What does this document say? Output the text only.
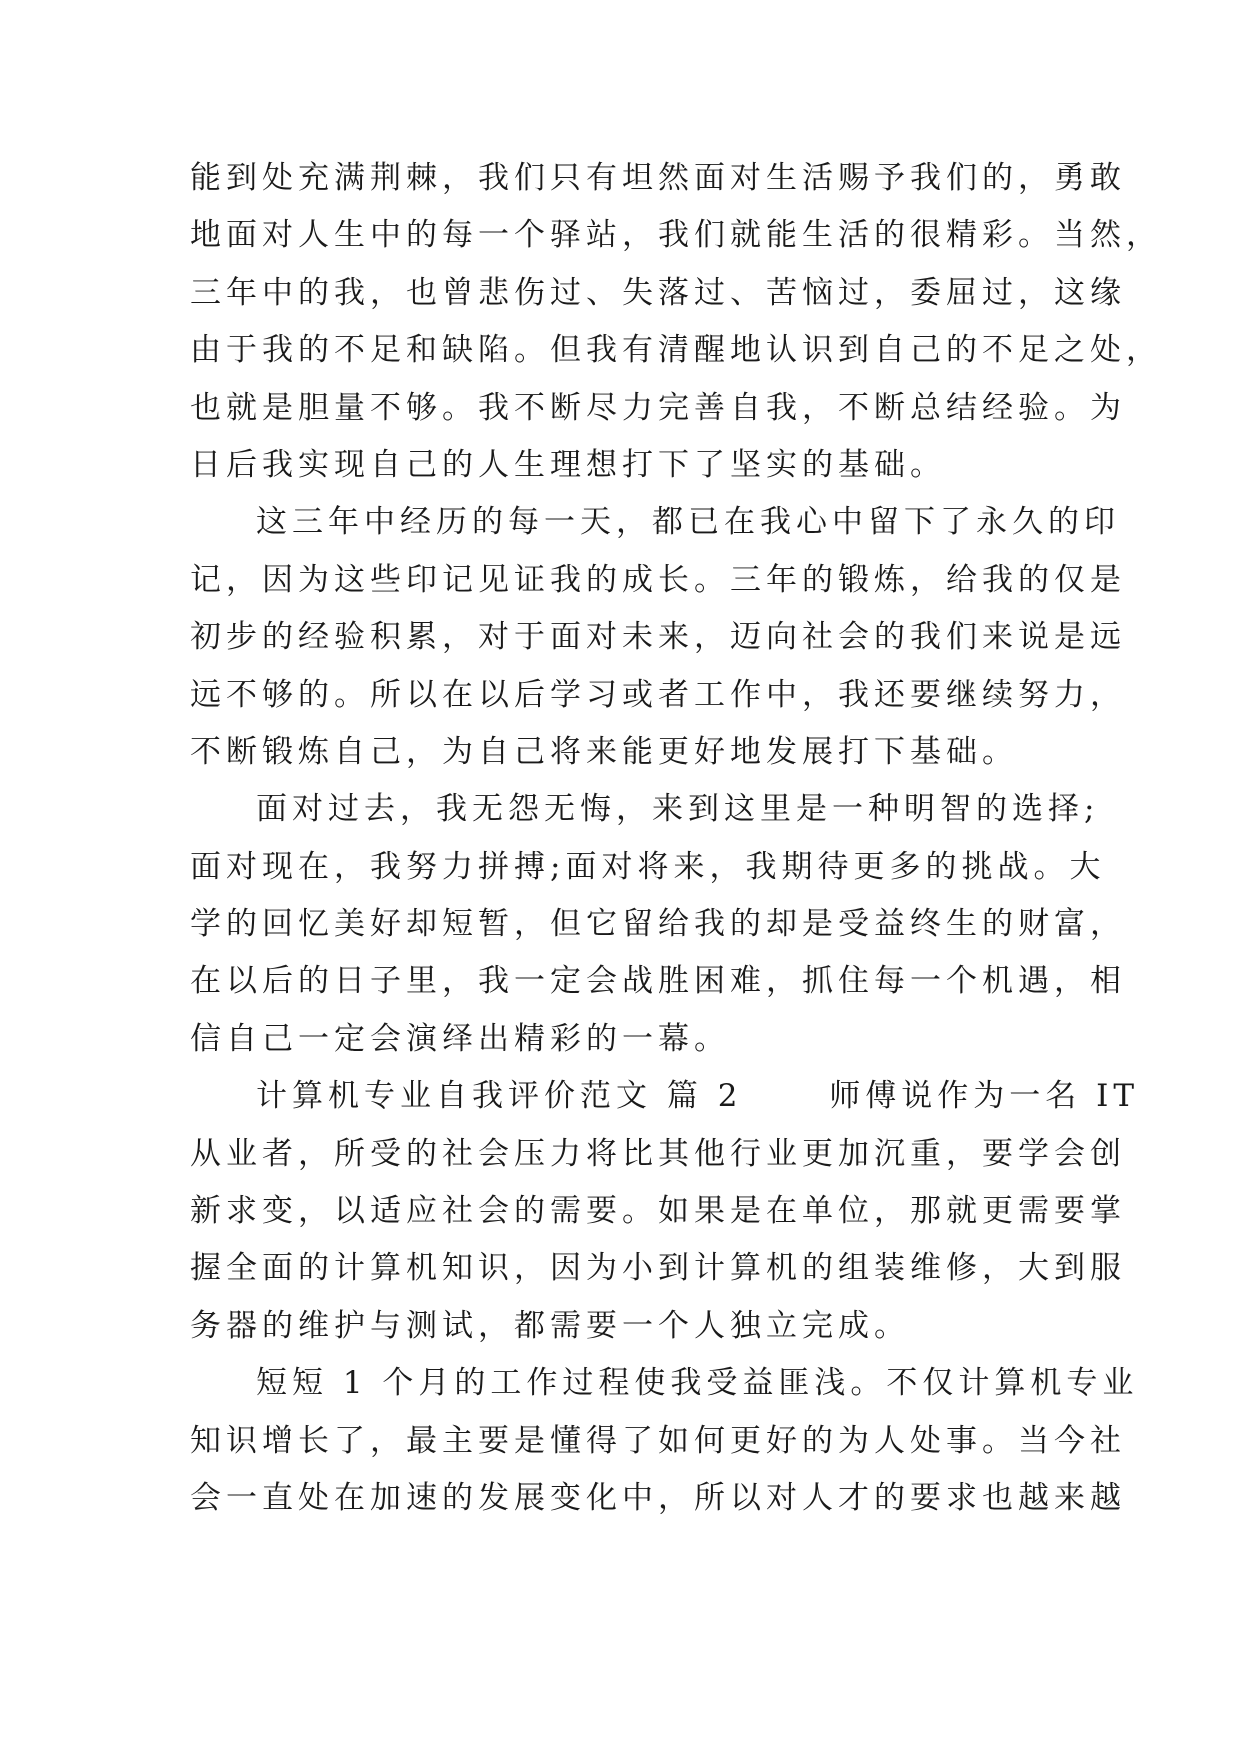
能到处充满荆棘，我们只有坦然面对生活赐予我们的，勇敢
地面对人生中的每一个驿站，我们就能生活的很精彩。当然，
三年中的我，也曾悲伤过、失落过、苦恼过，委屈过，这缘
由于我的不足和缺陷。但我有清醒地认识到自己的不足之处，
也就是胆量不够。我不断尽力完善自我，不断总结经验。为
日后我实现自己的人生理想打下了坚实的基础。
这三年中经历的每一天，都已在我心中留下了永久的印
记，因为这些印记见证我的成长。三年的锻炼，给我的仅是
初步的经验积累，对于面对未来，迈向社会的我们来说是远
远不够的。所以在以后学习或者工作中，我还要继续努力，
不断锻炼自己，为自己将来能更好地发展打下基础。
面对过去，我无怨无悔，来到这里是一种明智的选择;
面对现在，我努力拼搏;面对将来，我期待更多的挑战。大
学的回忆美好却短暂，但它留给我的却是受益终生的财富，
在以后的日子里，我一定会战胜困难，抓住每一个机遇，相
信自己一定会演绎出精彩的一幕。
计算机专业自我评价范文 篇 2　　 师傅说作为一名 IT
从业者，所受的社会压力将比其他行业更加沉重，要学会创
新求变，以适应社会的需要。如果是在单位，那就更需要掌
握全面的计算机知识，因为小到计算机的组装维修，大到服
务器的维护与测试，都需要一个人独立完成。
短短 1 个月的工作过程使我受益匪浅。不仅计算机专业
知识增长了，最主要是懂得了如何更好的为人处事。当今社
会一直处在加速的发展变化中，所以对人才的要求也越来越
